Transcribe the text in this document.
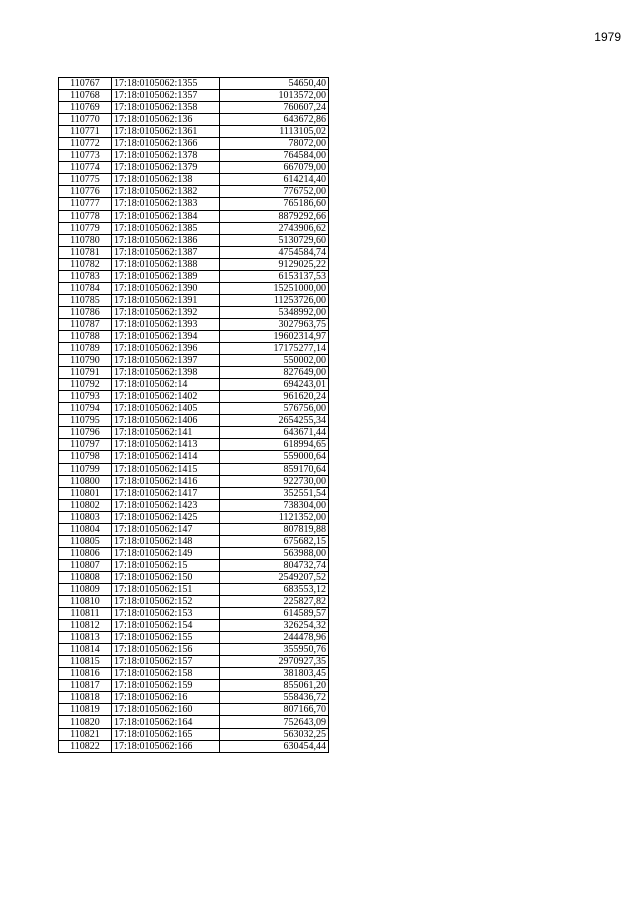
1979
110767	17:18:0105062:1355	54650,40
110768	17:18:0105062:1357	1013572,00
110769	17:18:0105062:1358	760607,24
110770	17:18:0105062:136	643672,86
110771	17:18:0105062:1361	1113105,02
110772	17:18:0105062:1366	78072,00
110773	17:18:0105062:1378	764584,00
110774	17:18:0105062:1379	667079,00
110775	17:18:0105062:138	614214,40
110776	17:18:0105062:1382	776752,00
110777	17:18:0105062:1383	765186,60
110778	17:18:0105062:1384	8879292,66
110779	17:18:0105062:1385	2743906,62
110780	17:18:0105062:1386	5130729,60
110781	17:18:0105062:1387	4754584,74
110782	17:18:0105062:1388	9129025,22
110783	17:18:0105062:1389	6153137,53
110784	17:18:0105062:1390	15251000,00
110785	17:18:0105062:1391	11253726,00
110786	17:18:0105062:1392	5348992,00
110787	17:18:0105062:1393	3027963,75
110788	17:18:0105062:1394	19602314,97
110789	17:18:0105062:1396	17175277,14
110790	17:18:0105062:1397	550002,00
110791	17:18:0105062:1398	827649,00
110792	17:18:0105062:14	694243,01
110793	17:18:0105062:1402	961620,24
110794	17:18:0105062:1405	576756,00
110795	17:18:0105062:1406	2654255,34
110796	17:18:0105062:141	643671,44
110797	17:18:0105062:1413	618994,65
110798	17:18:0105062:1414	559000,64
110799	17:18:0105062:1415	859170,64
110800	17:18:0105062:1416	922730,00
110801	17:18:0105062:1417	352551,54
110802	17:18:0105062:1423	738304,00
110803	17:18:0105062:1425	1121352,00
110804	17:18:0105062:147	807819,88
110805	17:18:0105062:148	675682,15
110806	17:18:0105062:149	563988,00
110807	17:18:0105062:15	804732,74
110808	17:18:0105062:150	2549207,52
110809	17:18:0105062:151	683553,12
110810	17:18:0105062:152	225827,82
110811	17:18:0105062:153	614589,57
110812	17:18:0105062:154	326254,32
110813	17:18:0105062:155	244478,96
110814	17:18:0105062:156	355950,76
110815	17:18:0105062:157	2970927,35
110816	17:18:0105062:158	381803,45
110817	17:18:0105062:159	855061,20
110818	17:18:0105062:16	558436,72
110819	17:18:0105062:160	807166,70
110820	17:18:0105062:164	752643,09
110821	17:18:0105062:165	563032,25
110822	17:18:0105062:166	630454,44
